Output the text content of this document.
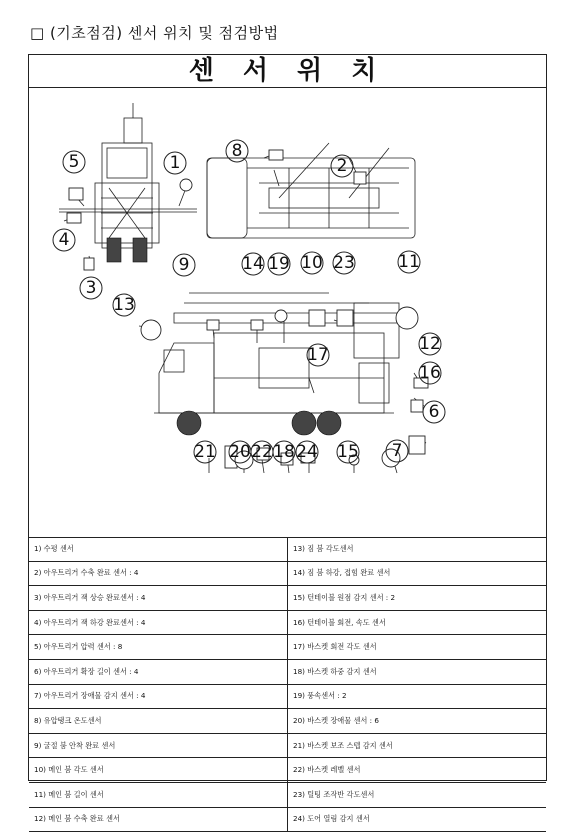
□ (기초점검) 센서 위치 및 점검방법
센 서 위 치
1	2
3
4
5
6
7
8
9	10	11
12
13
14
15
16
17
18
19
20
21 22
23
24
1) 수평 센서	13) 짐 붐 각도센서
2) 아우트리거 수축 완료 센서 : 4	14) 짐 붐 하강, 접힘 완료 센서
3) 아우트리거 잭 상승 완료센서 : 4	15) 턴테이블 원점 감지 센서 : 2
4) 아우트리거 잭 하강 완료센서 : 4	16) 턴테이블 회전, 속도 센서
5) 아우트리거 압력 센서 : 8	17) 바스켓 회전 각도 센서
6) 아우트리거 확장 길이 센서 : 4	18) 바스켓 하중 감지 센서
7) 아우트리거 장애물 감지 센서 : 4	19) 풍속센서 : 2
8) 유압탱크 온도센서	20) 바스켓 장애물 센서 : 6
9) 굴절 붐 안착 완료 센서	21) 바스켓 보조 스텝 감지 센서
10) 메인 붐 각도 센서	22) 바스켓 레벨 센서
11) 메인 붐 길이 센서	23) 틸팅 조작반 각도센서
12) 메인 붐 수축 완료 센서	24) 도어 열림 감지 센서
